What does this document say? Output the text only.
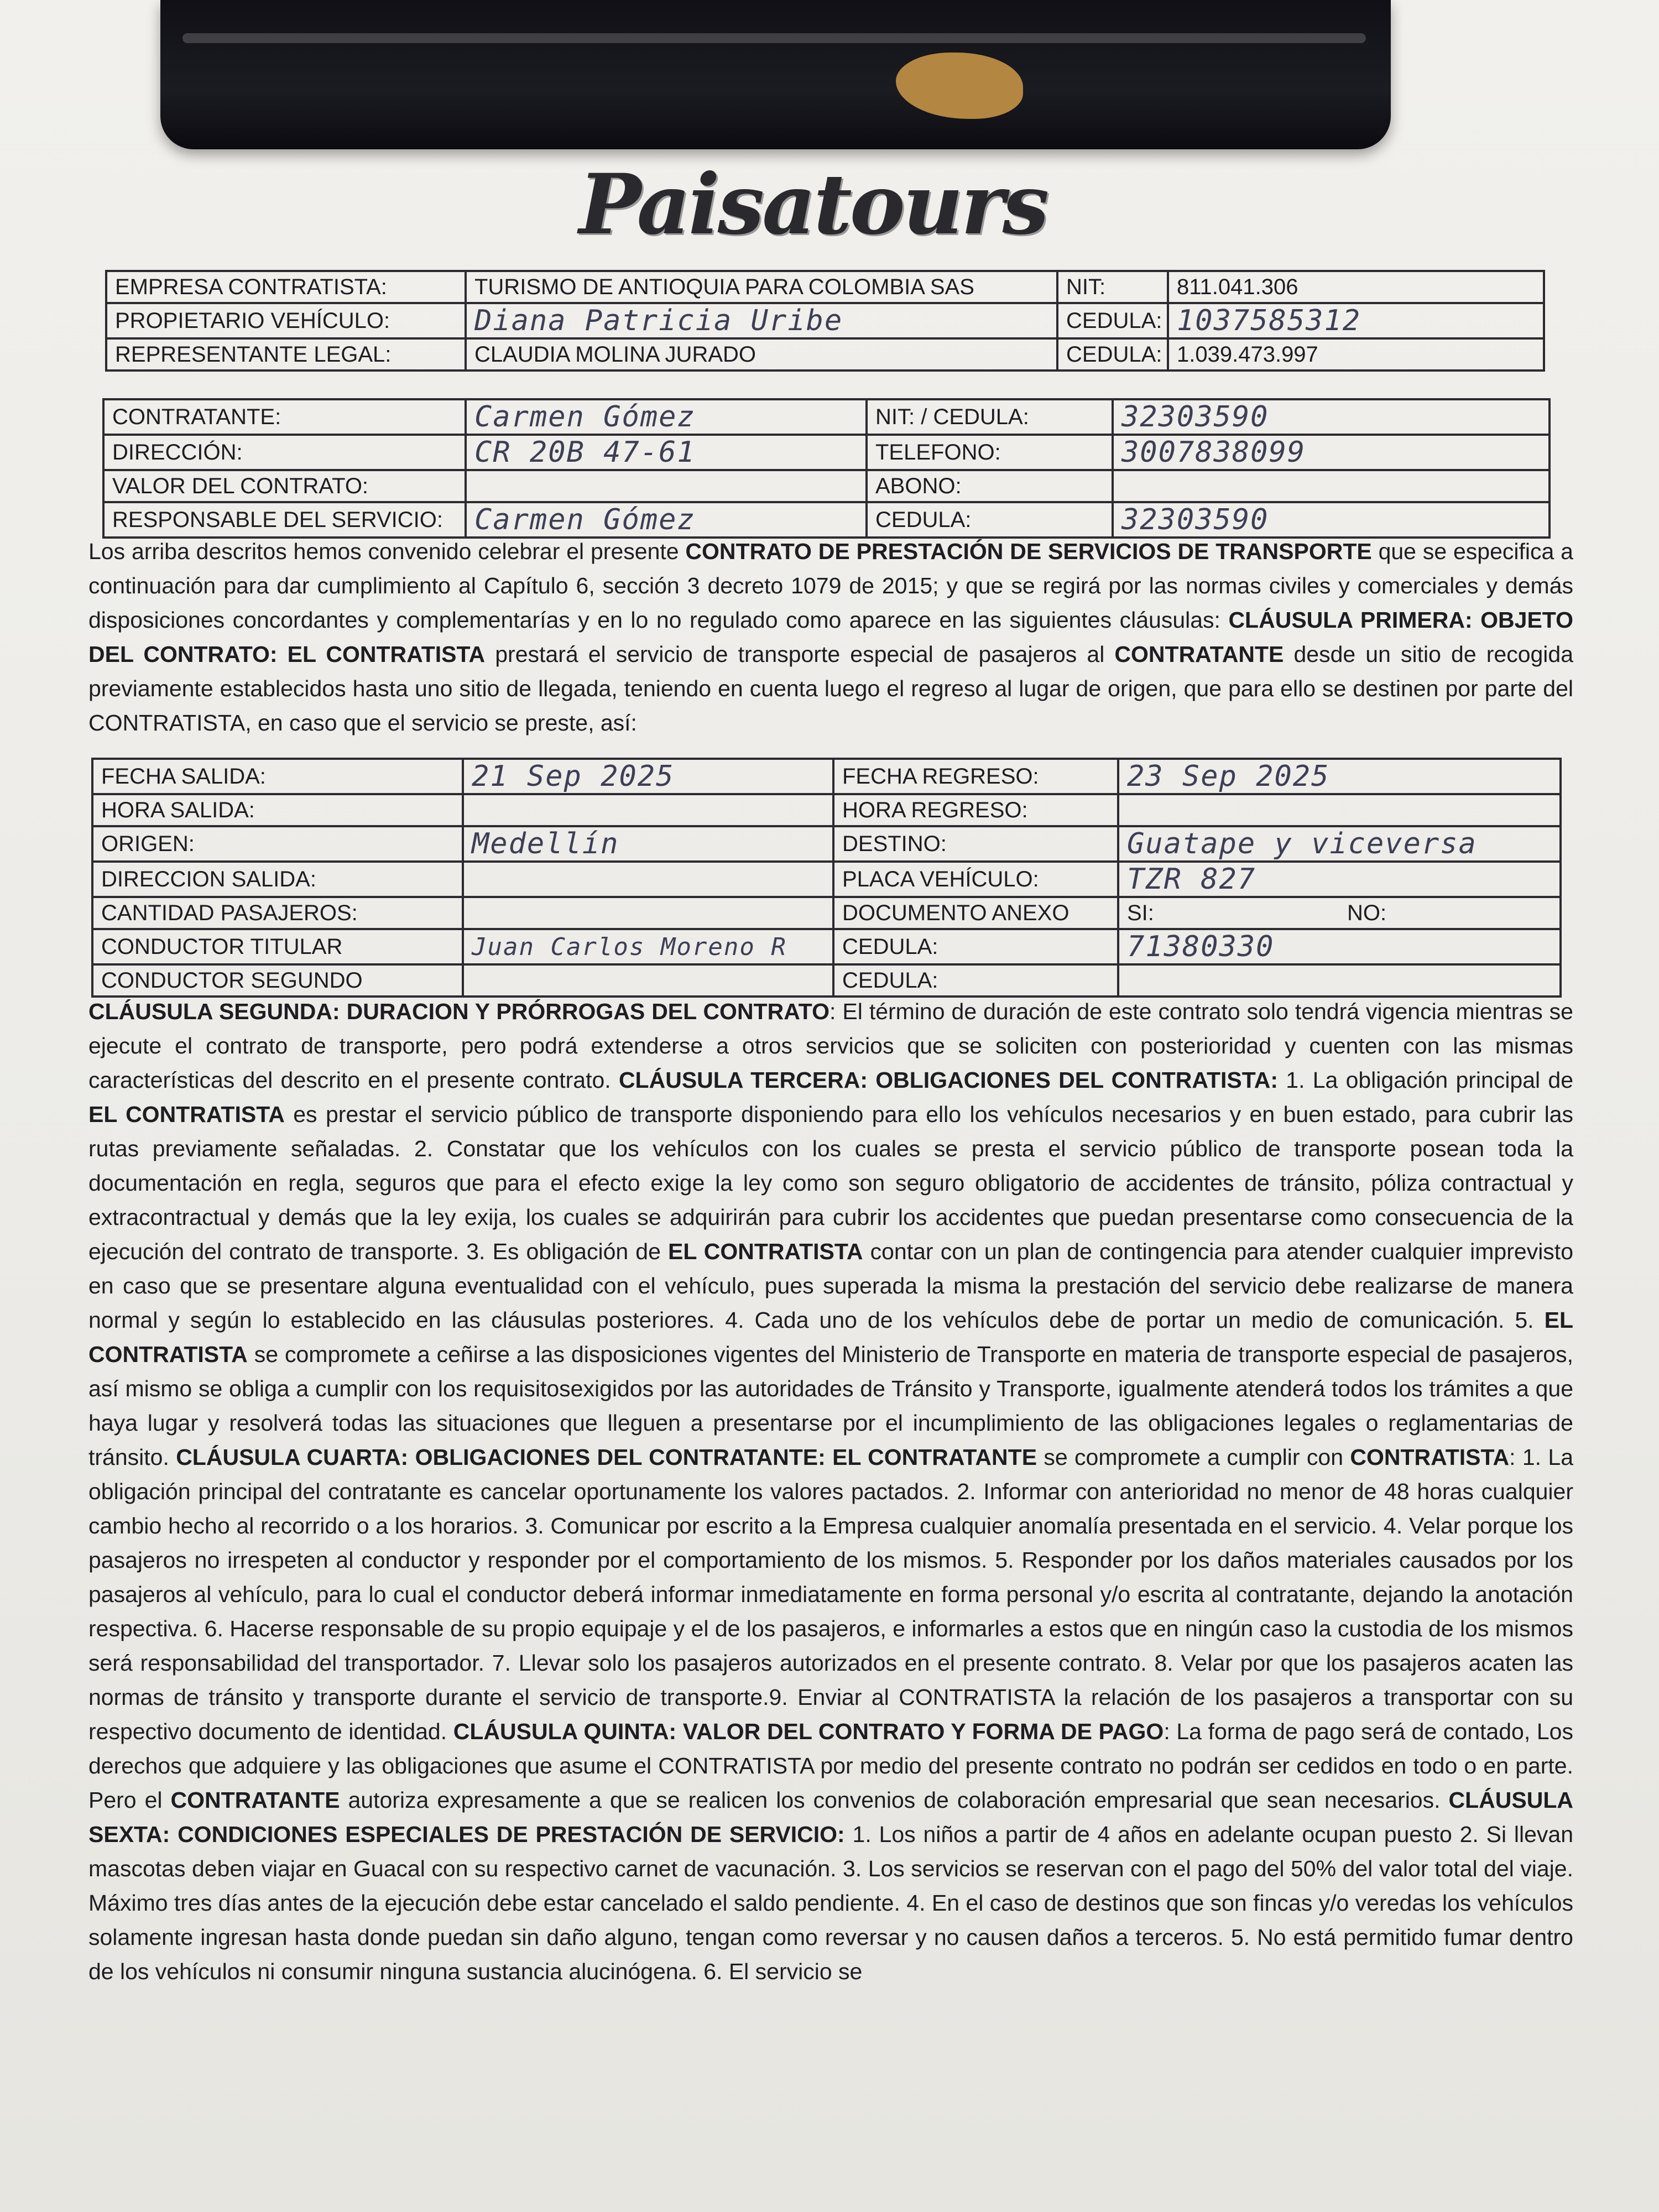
Paisatours
EMPRESA CONTRATISTA:	TURISMO DE ANTIOQUIA PARA COLOMBIA SAS	NIT:	811.041.306
PROPIETARIO VEHÍCULO:	Diana Patricia Uribe	CEDULA:	1037585312
REPRESENTANTE LEGAL:	CLAUDIA MOLINA JURADO	CEDULA:	1.039.473.997
CONTRATANTE:	Carmen Gómez	NIT: / CEDULA:	32303590
DIRECCIÓN:	CR 20B 47-61	TELEFONO:	3007838099
VALOR DEL CONTRATO:		ABONO:	
RESPONSABLE DEL SERVICIO:	Carmen Gómez	CEDULA:	32303590

Los arriba descritos hemos convenido celebrar el presente CONTRATO DE PRESTACIÓN DE SERVICIOS DE TRANSPORTE que se especifica a continuación para dar cumplimiento al Capítulo 6, sección 3 decreto 1079 de 2015; y que se regirá por las normas civiles y comerciales y demás disposiciones concordantes y complementarías y en lo no regulado como aparece en las siguientes cláusulas: CLÁUSULA PRIMERA: OBJETO DEL CONTRATO: EL CONTRATISTA prestará el servicio de transporte especial de pasajeros al CONTRATANTE desde un sitio de recogida previamente establecidos hasta uno sitio de llegada, teniendo en cuenta luego el regreso al lugar de origen, que para ello se destinen por parte del CONTRATISTA, en caso que el servicio se preste, así:

FECHA SALIDA:	21 Sep 2025	FECHA REGRESO:	23 Sep 2025	
HORA SALIDA:		HORA REGRESO:		
ORIGEN:	Medellín	DESTINO:	Guatape y viceversa	
DIRECCION SALIDA:		PLACA VEHÍCULO:	TZR 827	
CANTIDAD PASAJEROS:		DOCUMENTO ANEXO	SI:	NO:
CONDUCTOR TITULAR	Juan Carlos Moreno R	CEDULA:	71380330	
CONDUCTOR SEGUNDO		CEDULA:		

CLÁUSULA SEGUNDA: DURACION Y PRÓRROGAS DEL CONTRATO: El término de duración de este contrato solo tendrá vigencia mientras se ejecute el contrato de transporte, pero podrá extenderse a otros servicios que se soliciten con posterioridad y cuenten con las mismas características del descrito en el presente contrato. CLÁUSULA TERCERA: OBLIGACIONES DEL CONTRATISTA: 1. La obligación principal de EL CONTRATISTA es prestar el servicio público de transporte disponiendo para ello los vehículos necesarios y en buen estado, para cubrir las rutas previamente señaladas. 2. Constatar que los vehículos con los cuales se presta el servicio público de transporte posean toda la documentación en regla, seguros que para el efecto exige la ley como son seguro obligatorio de accidentes de tránsito, póliza contractual y extracontractual y demás que la ley exija, los cuales se adquirirán para cubrir los accidentes que puedan presentarse como consecuencia de la ejecución del contrato de transporte. 3. Es obligación de EL CONTRATISTA contar con un plan de contingencia para atender cualquier imprevisto en caso que se presentare alguna eventualidad con el vehículo, pues superada la misma la prestación del servicio debe realizarse de manera normal y según lo establecido en las cláusulas posteriores. 4. Cada uno de los vehículos debe de portar un medio de comunicación. 5. EL CONTRATISTA se compromete a ceñirse a las disposiciones vigentes del Ministerio de Transporte en materia de transporte especial de pasajeros, así mismo se obliga a cumplir con los requisitosexigidos por las autoridades de Tránsito y Transporte, igualmente atenderá todos los trámites a que haya lugar y resolverá todas las situaciones que lleguen a presentarse por el incumplimiento de las obligaciones legales o reglamentarias de tránsito. CLÁUSULA CUARTA: OBLIGACIONES DEL CONTRATANTE: EL CONTRATANTE se compromete a cumplir con CONTRATISTA: 1. La obligación principal del contratante es cancelar oportunamente los valores pactados. 2. Informar con anterioridad no menor de 48 horas cualquier cambio hecho al recorrido o a los horarios. 3. Comunicar por escrito a la Empresa cualquier anomalía presentada en el servicio. 4. Velar porque los pasajeros no irrespeten al conductor y responder por el comportamiento de los mismos. 5. Responder por los daños materiales causados por los pasajeros al vehículo, para lo cual el conductor deberá informar inmediatamente en forma personal y/o escrita al contratante, dejando la anotación respectiva. 6. Hacerse responsable de su propio equipaje y el de los pasajeros, e informarles a estos que en ningún caso la custodia de los mismos será responsabilidad del transportador. 7. Llevar solo los pasajeros autorizados en el presente contrato. 8. Velar por que los pasajeros acaten las normas de tránsito y transporte durante el servicio de transporte.9. Enviar al CONTRATISTA la relación de los pasajeros a transportar con su respectivo documento de identidad. CLÁUSULA QUINTA: VALOR DEL CONTRATO Y FORMA DE PAGO: La forma de pago será de contado, Los derechos que adquiere y las obligaciones que asume el CONTRATISTA por medio del presente contrato no podrán ser cedidos en todo o en parte. Pero el CONTRATANTE autoriza expresamente a que se realicen los convenios de colaboración empresarial que sean necesarios. CLÁUSULA SEXTA: CONDICIONES ESPECIALES DE PRESTACIÓN DE SERVICIO: 1. Los niños a partir de 4 años en adelante ocupan puesto 2. Si llevan mascotas deben viajar en Guacal con su respectivo carnet de vacunación. 3. Los servicios se reservan con el pago del 50% del valor total del viaje. Máximo tres días antes de la ejecución debe estar cancelado el saldo pendiente. 4. En el caso de destinos que son fincas y/o veredas los vehículos solamente ingresan hasta donde puedan sin daño alguno, tengan como reversar y no causen daños a terceros. 5. No está permitido fumar dentro de los vehículos ni consumir ninguna sustancia alucinógena. 6. El servicio se
